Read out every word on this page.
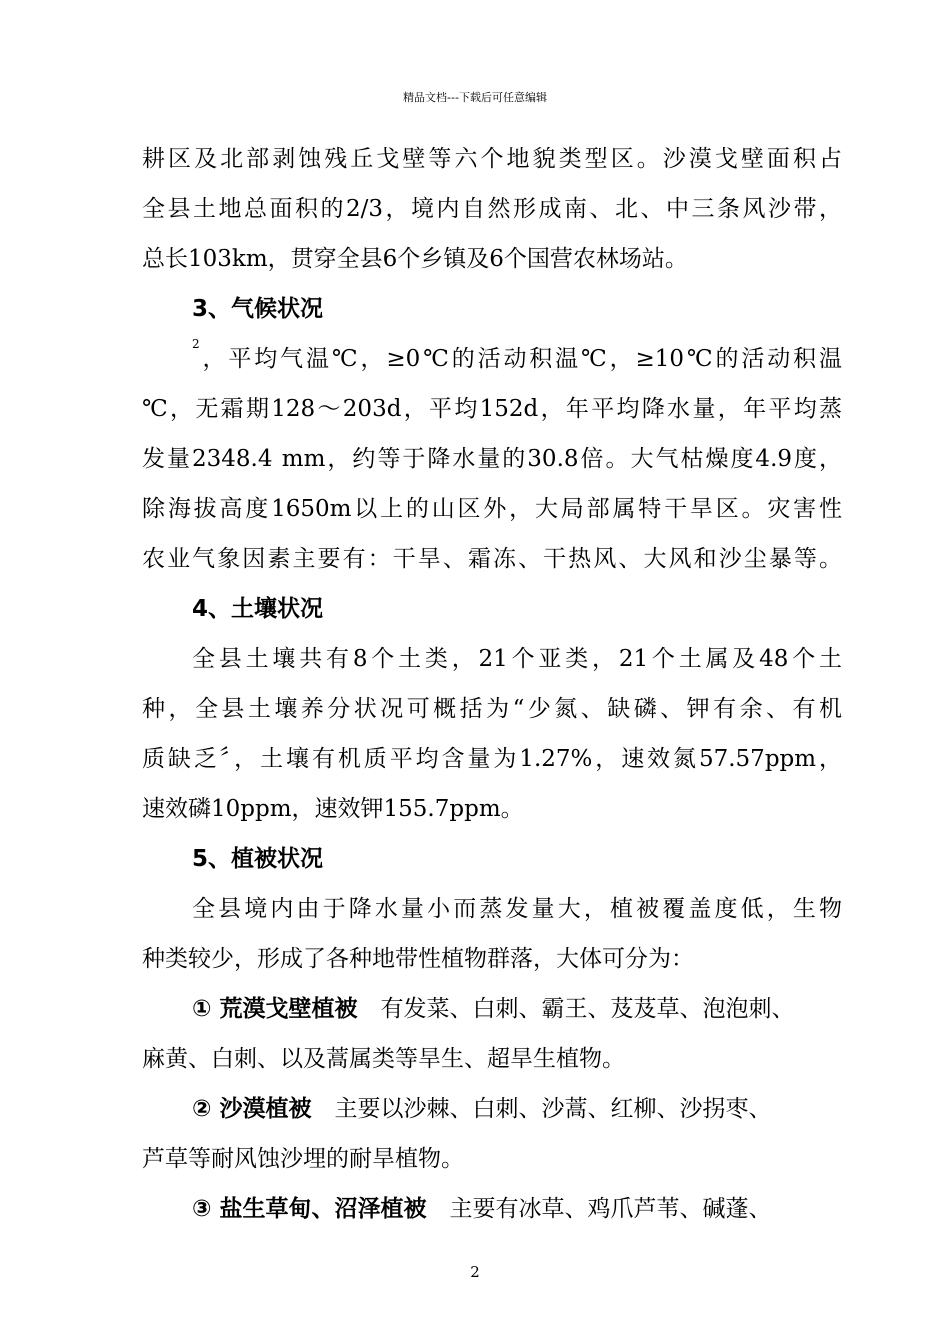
精品文档---下载后可任意编辑
耕区及北部剥蚀残丘戈壁等六个地貌类型区。沙漠戈壁面积占
全县土地总面积的2/3，境内自然形成南、北、中三条风沙带，
总长103km，贯穿全县6个乡镇及6个国营农林场站。
3、气候状况
$^2$，平均气温℃，≥0℃的活动积温℃，≥10℃的活动积温
℃，无霜期128～203d，平均152d，年平均降水量，年平均蒸
发量2348.4 mm，约等于降水量的30.8倍。大气枯燥度4.9度，
除海拔高度1650m以上的山区外，大局部属特干旱区。灾害性
农业气象因素主要有：干旱、霜冻、干热风、大风和沙尘暴等。
4、土壤状况
全县土壤共有8个土类，21个亚类，21个土属及48个土
种，全县土壤养分状况可概括为“少氮、缺磷、钾有余、有机
质缺乏〞，土壤有机质平均含量为1.27%，速效氮57.57ppm，
速效磷10ppm，速效钾155.7ppm。
5、植被状况
全县境内由于降水量小而蒸发量大，植被覆盖度低，生物
种类较少，形成了各种地带性植物群落，大体可分为：
① 荒漠戈壁植被　有发菜、白刺、霸王、芨芨草、泡泡刺、
麻黄、白刺、以及蒿属类等旱生、超旱生植物。
② 沙漠植被　主要以沙棘、白刺、沙蒿、红柳、沙拐枣、
芦草等耐风蚀沙埋的耐旱植物。
③ 盐生草甸、沼泽植被　主要有冰草、鸡爪芦苇、碱蓬、
2
